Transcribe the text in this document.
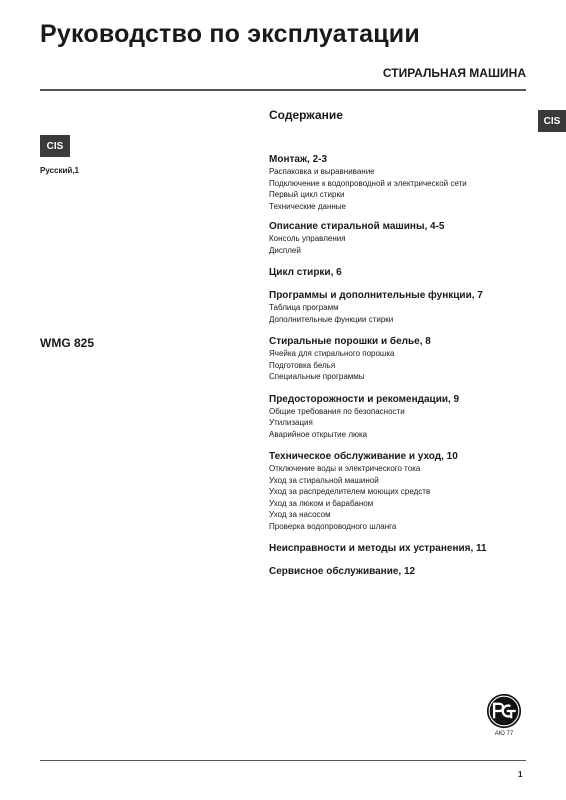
Руководство по эксплуатации
СТИРАЛЬНАЯ МАШИНА
CIS
Русский,1
WMG 825
CIS
Содержание
Монтаж, 2-3
Распаковка и выравнивание
Подключение к водопроводной и электрической сети
Первый цикл стирки
Технические данные
Описание стиральной машины, 4-5
Консоль управления
Дисплей
Цикл стирки, 6
Программы и дополнительные функции, 7
Таблица программ
Дополнительные функции стирки
Стиральные порошки и белье, 8
Ячейка для стирального порошка
Подготовка белья
Специальные программы
Предосторожности и рекомендации, 9
Общие требования по безопасности
Утилизация
Аварийное открытие люка
Техническое обслуживание и уход, 10
Отключение воды и электрического тока
Уход за стиральной машиной
Уход за распределителем моющих средств
Уход за люком и барабаном
Уход за насосом
Проверка водопроводного шланга
Неисправности и методы их устранения, 11
Сервисное обслуживание, 12
АЮ 77
1
